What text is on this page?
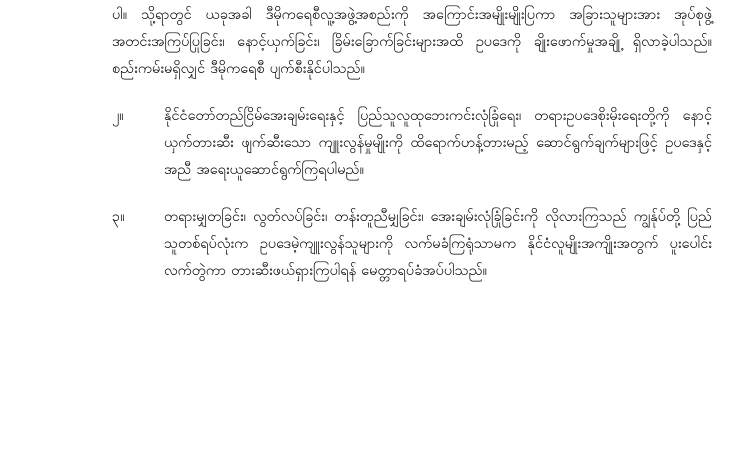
ပါ။ သို့ရာတွင် ယခုအခါ ဒီမိုကရေစီလူ့အဖွဲ့အစည်းကို အကြောင်းအမျိုးမျိုးပြကာ အခြားသူများအား အုပ်စုဖွဲ့ အတင်းအကြပ်ပြုခြင်း၊ နောင့်ယှက်ခြင်း၊ ခြိမ်းခြောက်ခြင်းများအထိ ဥပဒေကို ချိုးဖောက်မှုအချို့ ရှိလာခဲ့ပါသည်။ စည်းကမ်းမရှိလျှင် ဒီမိုကရေစီ ပျက်စီးနိုင်ပါသည်။

၂။	နိုင်ငံတော်တည်ငြိမ်အေးချမ်းရေးနှင့် ပြည်သူလူထုဘေးကင်းလုံခြုံရေး၊ တရားဥပဒေစိုးမိုးရေးတို့ကို နောင့်ယှက်တားဆီး ဖျက်ဆီးသော ကျူးလွန်မှုမျိုးကို ထိရောက်ဟန့်တားမည့် ဆောင်ရွက်ချက်များဖြင့် ဥပဒေနှင့်အညီ အရေးယူဆောင်ရွက်ကြရပါမည်။
၃။	တရားမျှတခြင်း၊ လွတ်လပ်ခြင်း၊ တန်းတူညီမျှခြင်း၊ အေးချမ်းလုံခြုံခြင်းကို လိုလားကြသည် ကျွန်ုပ်တို့ ပြည်သူတစ်ရပ်လုံးက ဥပဒေမဲ့ကျူးလွန်သူများကို လက်မခံကြရုံသာမက နိုင်ငံလူမျိုးအကျိုးအတွက် ပူးပေါင်းလက်တွဲကာ တားဆီးဖယ်ရှားကြပါရန် မေတ္တာရပ်ခံအပ်ပါသည်။
